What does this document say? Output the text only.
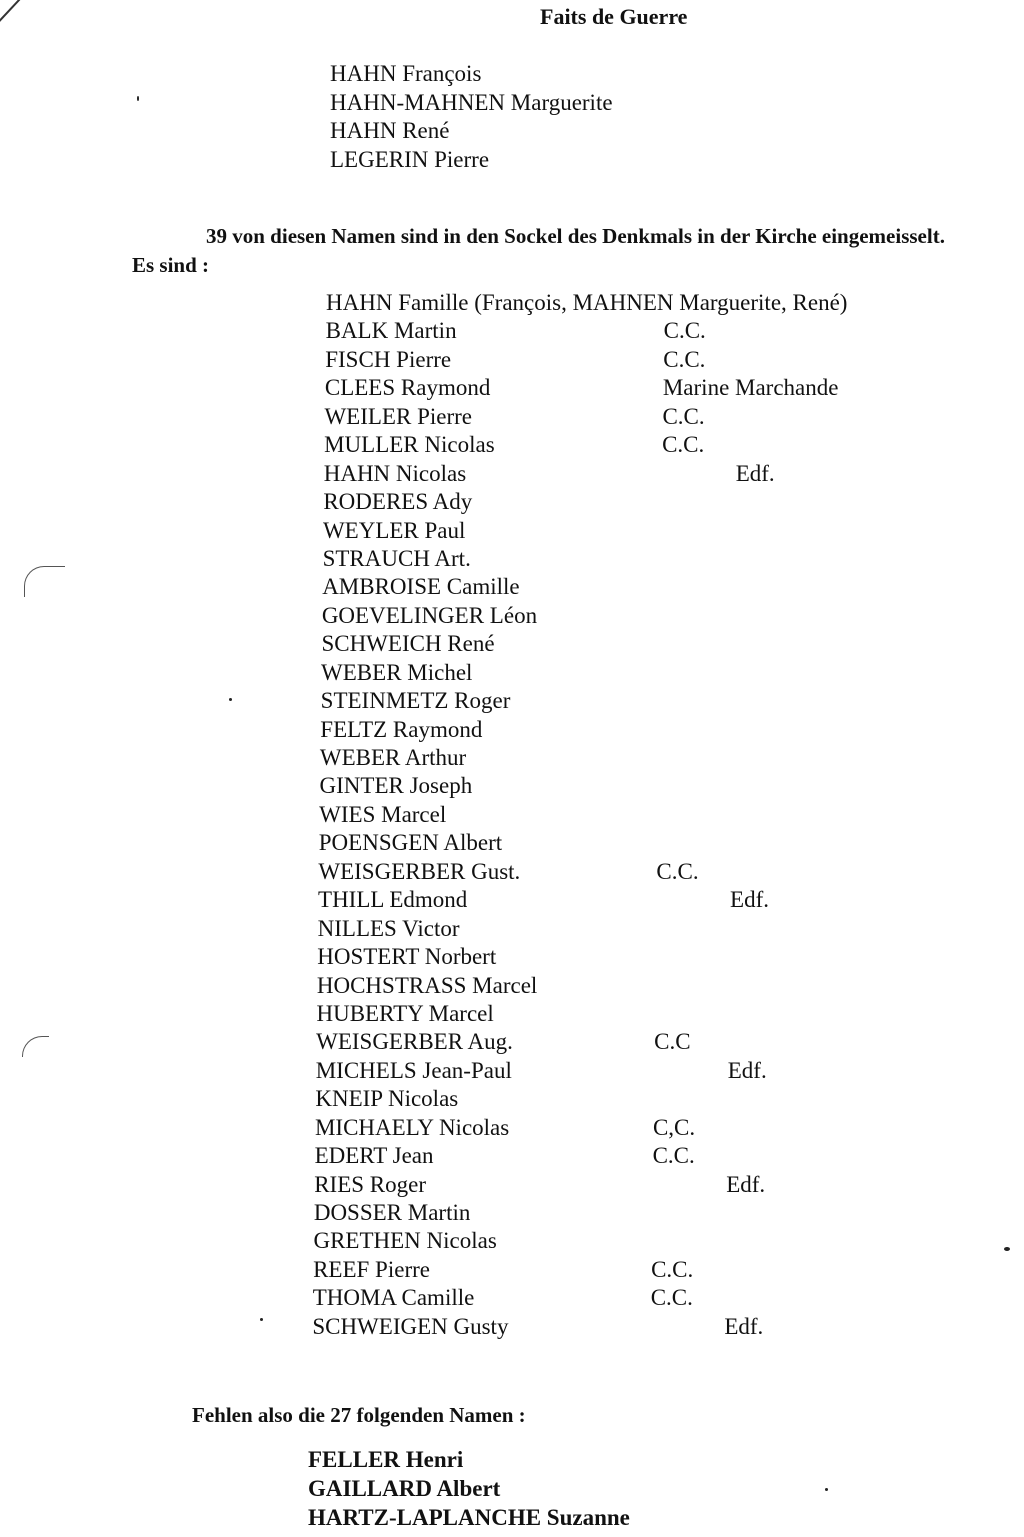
Faits de Guerre
HAHN François
HAHN-MAHNEN Marguerite
HAHN René
LEGERIN Pierre
39 von diesen Namen sind in den Sockel des Denkmals in der Kirche eingemeisselt. Es sind :
HAHN Famille (François, MAHNEN Marguerite, René)
BALK Martin	C.C.
FISCH Pierre	C.C.
CLEES Raymond	Marine Marchande
WEILER Pierre	C.C.
MULLER Nicolas	C.C.
HAHN Nicolas	Edf.
RODERES Ady
WEYLER Paul
STRAUCH Art.
AMBROISE Camille
GOEVELINGER Léon
SCHWEICH René
WEBER Michel
STEINMETZ Roger
FELTZ Raymond
WEBER Arthur
GINTER Joseph
WIES Marcel
POENSGEN Albert
WEISGERBER Gust.	C.C.
THILL Edmond	Edf.
NILLES Victor
HOSTERT Norbert
HOCHSTRASS Marcel
HUBERTY Marcel
WEISGERBER Aug.	C.C
MICHELS Jean-Paul	Edf.
KNEIP Nicolas
MICHAELY Nicolas	C,C.
EDERT Jean	C.C.
RIES Roger	Edf.
DOSSER Martin
GRETHEN Nicolas
REEF Pierre	C.C.
THOMA Camille	C.C.
SCHWEIGEN Gusty	Edf.
Fehlen also die 27 folgenden Namen :
FELLER Henri
GAILLARD Albert
HARTZ-LAPLANCHE Suzanne
